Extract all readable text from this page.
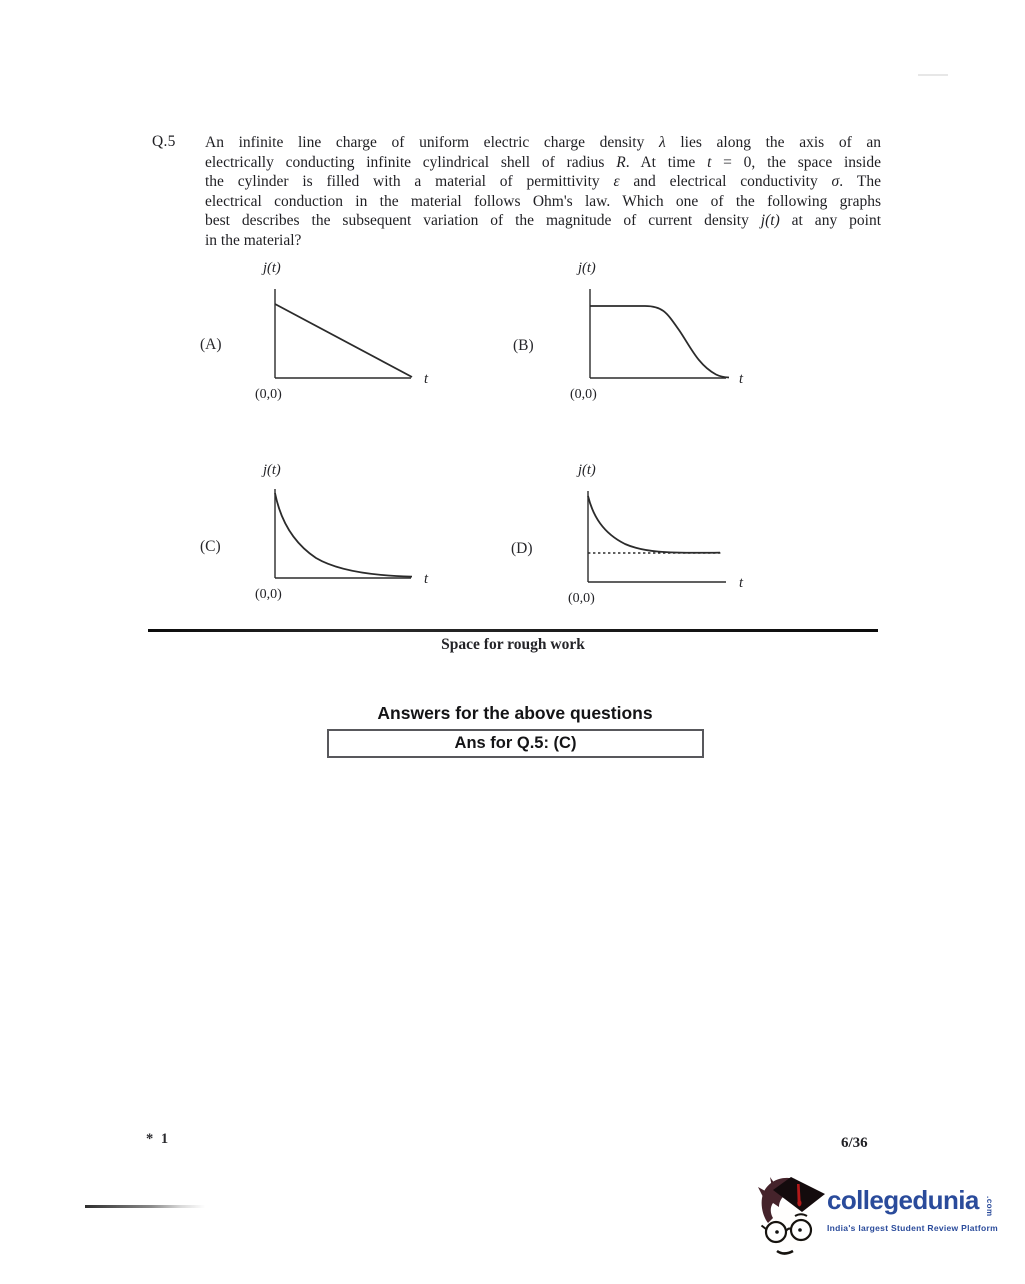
Q.5 An infinite line charge of uniform electric charge density λ lies along the axis of an
electrically conducting infinite cylindrical shell of radius R. At time t = 0, the space inside
the cylinder is filled with a material of permittivity ε and electrical conductivity σ. The
electrical conduction in the material follows Ohm's law. Which one of the following graphs
best describes the subsequent variation of the magnitude of current density j(t) at any point
in the material?
(A)	(B)
(C)	(D)
j(t)
t
(0,0)
j(t)
t
(0,0)
j(t)
t
(0,0)
j(t)
t
(0,0)
Space for rough work
Answers for the above questions
Ans for Q.5: (C)
* 1	6/36
collegedunia .com
India's largest Student Review Platform
